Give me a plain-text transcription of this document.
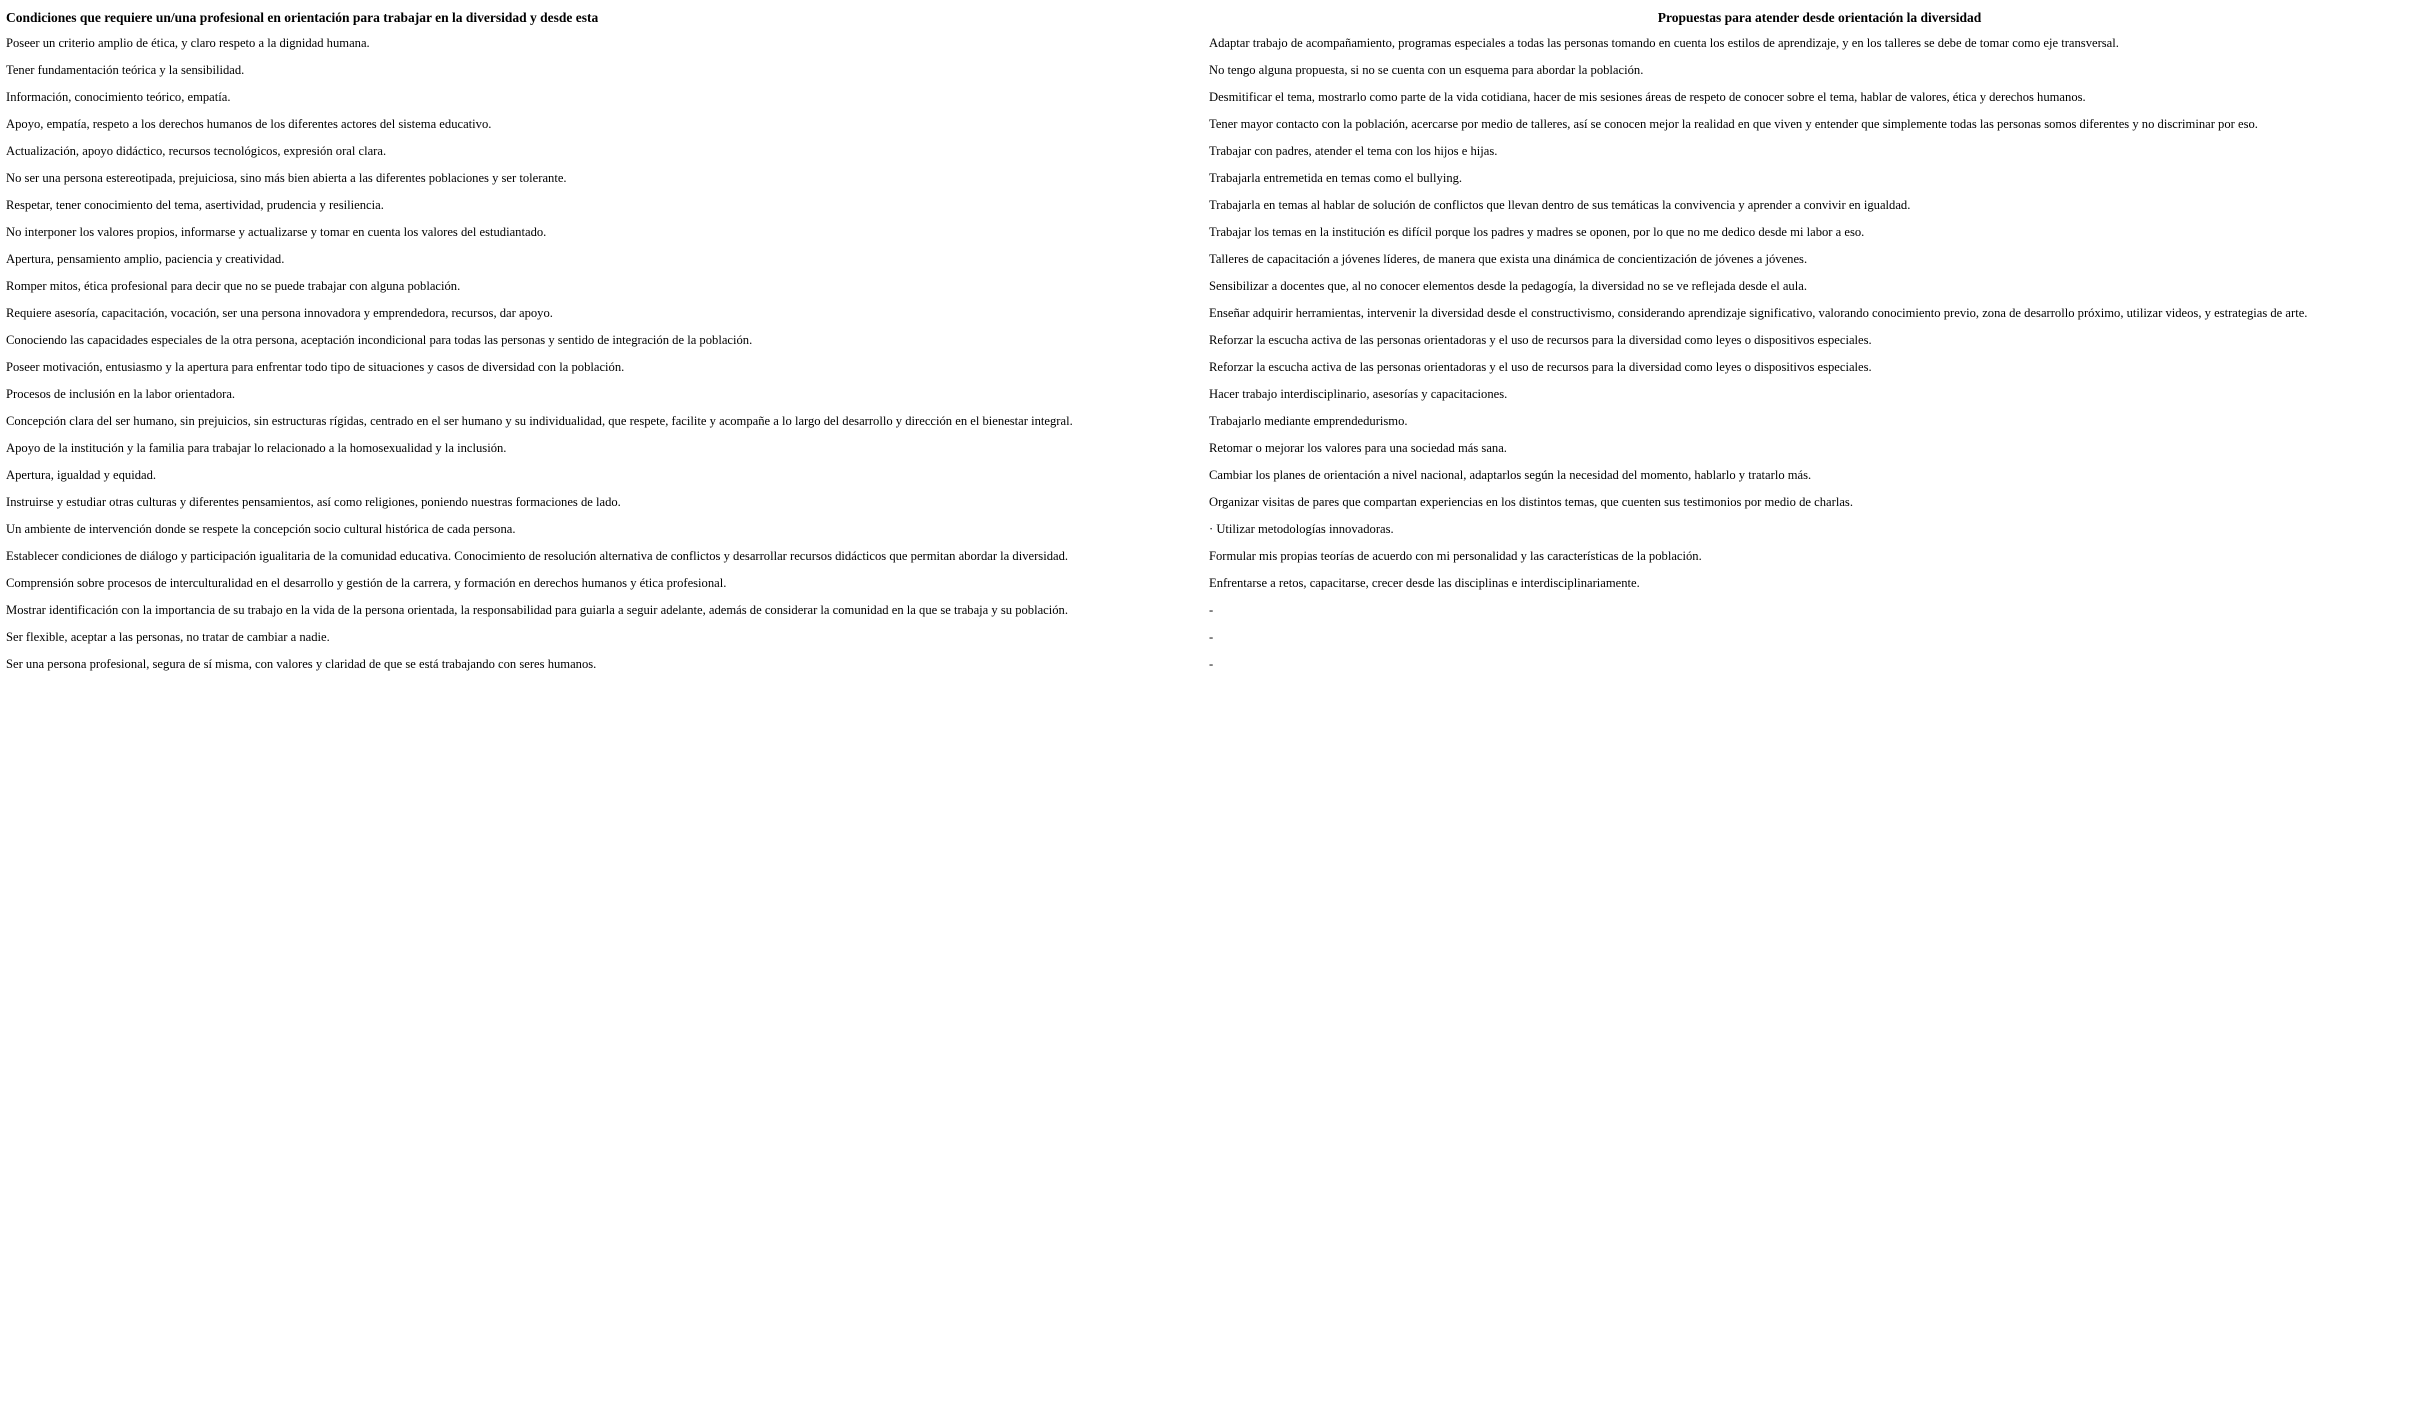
Condiciones que requiere un/una profesional en orientación para trabajar en la diversidad y desde esta	Propuestas para atender desde orientación la diversidad
Poseer un criterio amplio de ética, y claro respeto a la dignidad humana.	Adaptar trabajo de acompañamiento, programas especiales a todas las personas tomando en cuenta los estilos de aprendizaje, y en los talleres se debe de tomar como eje transversal.
Tener fundamentación teórica y la sensibilidad.	No tengo alguna propuesta, si no se cuenta con un esquema para abordar la población.
Información, conocimiento teórico, empatía.	Desmitificar el tema, mostrarlo como parte de la vida cotidiana, hacer de mis sesiones áreas de respeto de conocer sobre el tema, hablar de valores, ética y derechos humanos.
Apoyo, empatía, respeto a los derechos humanos de los diferentes actores del sistema educativo.	Tener mayor contacto con la población, acercarse por medio de talleres, así se conocen mejor la realidad en que viven y entender que simplemente todas las personas somos diferentes y no discriminar por eso.
Actualización, apoyo didáctico, recursos tecnológicos, expresión oral clara.	Trabajar con padres, atender el tema con los hijos e hijas.
No ser una persona estereotipada, prejuiciosa, sino más bien abierta a las diferentes poblaciones y ser tolerante.	Trabajarla entremetida en temas como el bullying.
Respetar, tener conocimiento del tema, asertividad, prudencia y resiliencia.	Trabajarla en temas al hablar de solución de conflictos que llevan dentro de sus temáticas la convivencia y aprender a convivir en igualdad.
No interponer los valores propios, informarse y actualizarse y tomar en cuenta los valores del estudiantado.	Trabajar los temas en la institución es difícil porque los padres y madres se oponen, por lo que no me dedico desde mi labor a eso.
Apertura, pensamiento amplio, paciencia y creatividad.	Talleres de capacitación a jóvenes líderes, de manera que exista una dinámica de concientización de jóvenes a jóvenes.
Romper mitos, ética profesional para decir que no se puede trabajar con alguna población.	Sensibilizar a docentes que, al no conocer elementos desde la pedagogía, la diversidad no se ve reflejada desde el aula.
Requiere asesoría, capacitación, vocación, ser una persona innovadora y emprendedora, recursos, dar apoyo.	Enseñar adquirir herramientas, intervenir la diversidad desde el constructivismo, considerando aprendizaje significativo, valorando conocimiento previo, zona de desarrollo próximo, utilizar videos, y estrategias de arte.
Conociendo las capacidades especiales de la otra persona, aceptación incondicional para todas las personas y sentido de integración de la población.	Reforzar la escucha activa de las personas orientadoras y el uso de recursos para la diversidad como leyes o dispositivos especiales.
Poseer motivación, entusiasmo y la apertura para enfrentar todo tipo de situaciones y casos de diversidad con la población.	Reforzar la escucha activa de las personas orientadoras y el uso de recursos para la diversidad como leyes o dispositivos especiales.
Procesos de inclusión en la labor orientadora.	Hacer trabajo interdisciplinario, asesorías y capacitaciones.
Concepción clara del ser humano, sin prejuicios, sin estructuras rígidas, centrado en el ser humano y su individualidad, que respete, facilite y acompañe a lo largo del desarrollo y dirección en el bienestar integral.	Trabajarlo mediante emprendedurismo.
Apoyo de la institución y la familia para trabajar lo relacionado a la homosexualidad y la inclusión.	Retomar o mejorar los valores para una sociedad más sana.
Apertura, igualdad y equidad.	Cambiar los planes de orientación a nivel nacional, adaptarlos según la necesidad del momento, hablarlo y tratarlo más.
Instruirse y estudiar otras culturas y diferentes pensamientos, así como religiones, poniendo nuestras formaciones de lado.	Organizar visitas de pares que compartan experiencias en los distintos temas, que cuenten sus testimonios por medio de charlas.
Un ambiente de intervención donde se respete la concepción socio cultural histórica de cada persona.	· Utilizar metodologías innovadoras.
Establecer condiciones de diálogo y participación igualitaria de la comunidad educativa. Conocimiento de resolución alternativa de conflictos y desarrollar recursos didácticos que permitan abordar la diversidad.	Formular mis propias teorías de acuerdo con mi personalidad y las características de la población.
Comprensión sobre procesos de interculturalidad en el desarrollo y gestión de la carrera, y formación en derechos humanos y ética profesional.	Enfrentarse a retos, capacitarse, crecer desde las disciplinas e interdisciplinariamente.
Mostrar identificación con la importancia de su trabajo en la vida de la persona orientada, la responsabilidad para guiarla a seguir adelante, además de considerar la comunidad en la que se trabaja y su población.	-
Ser flexible, aceptar a las personas, no tratar de cambiar a nadie.	-
Ser una persona profesional, segura de sí misma, con valores y claridad de que se está trabajando con seres humanos.	-
